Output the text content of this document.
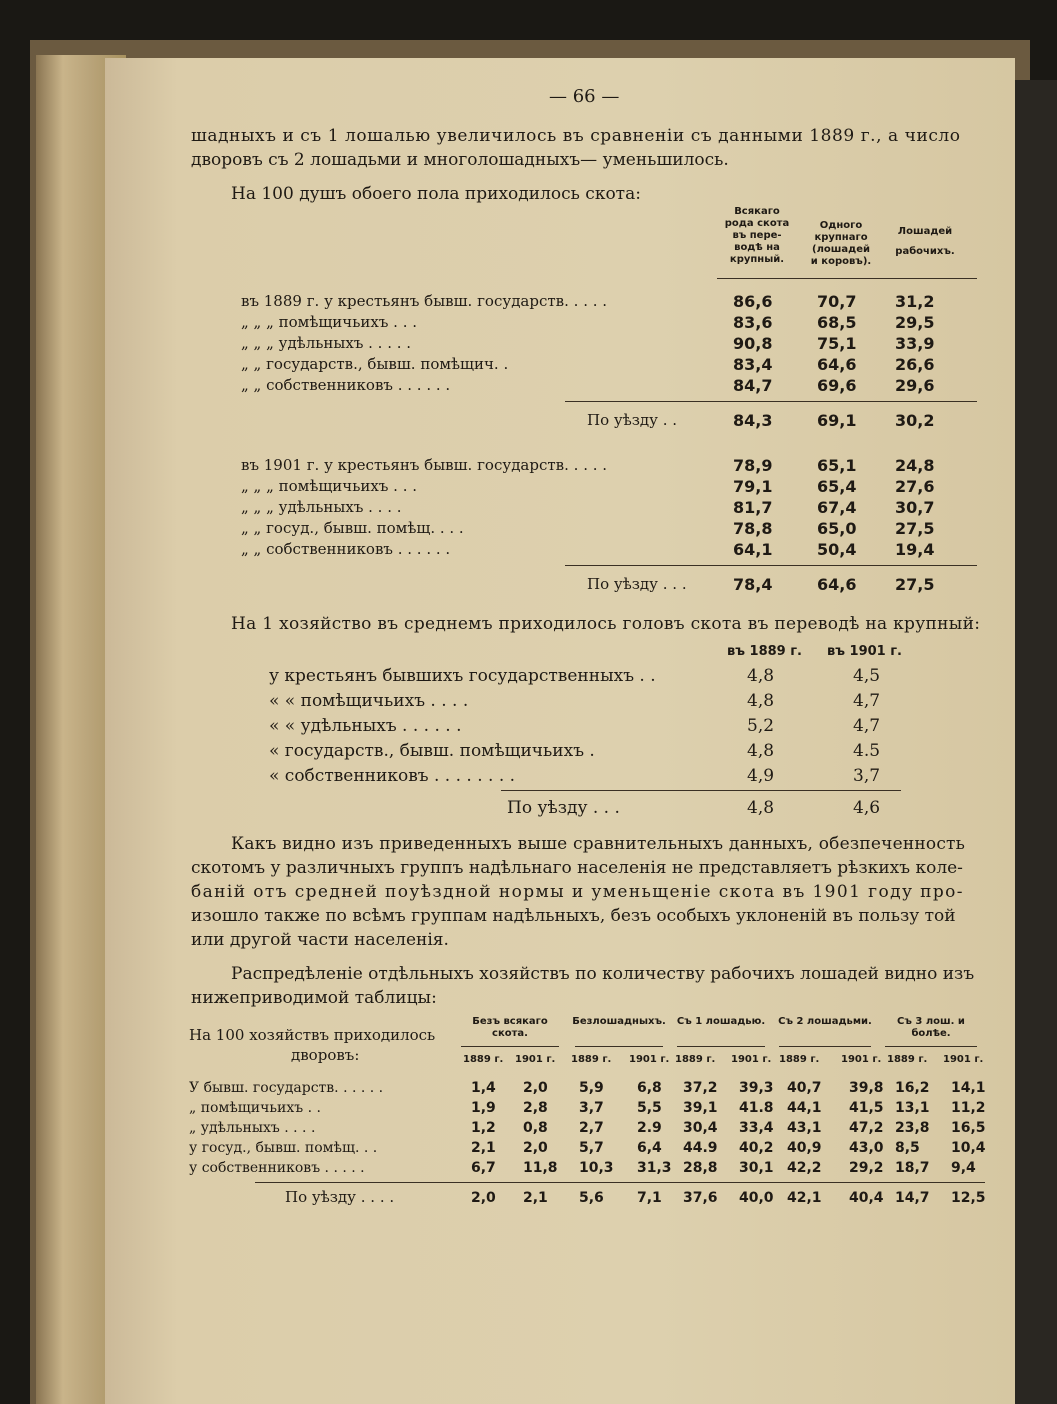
— 66 —
шадныхъ и съ 1 лошалью увеличилось въ сравненіи съ данными 1889 г., а число
дворовъ съ 2 лошадьми и многолошадныхъ— уменьшилось.
На 100 душъ обоего пола приходилось скота:
Всякаго
рода скота
въ пере-
водѣ на
крупный.
Одного
крупнаго
(лошадей
и коровъ).
Лошадей
рабочихъ.
въ 1889 г. у крестьянъ бывш. государств. . . . .	86,6	70,7 31,2
„ „ „ помѣщичьихъ . . .	83,6	68,5 29,5
„ „ „ удѣльныхъ . . . . .	90,8	75,1 33,9
„ „ государств., бывш. помѣщич. .	83,4	64,6 26,6
„ „ собственниковъ . . . . . .	84,7	69,6 29,6
По уѣзду . .	84,3	69,1 30,2
въ 1901 г. у крестьянъ бывш. государств. . . . .	78,9	65,1 24,8
„ „ „ помѣщичьихъ . . .	79,1	65,4 27,6
„ „ „ удѣльныхъ . . . .	81,7	67,4 30,7
„ „ госуд., бывш. помѣщ. . . .	78,8	65,0 27,5
„ „ собственниковъ . . . . . .	64,1	50,4 19,4
По уѣзду . . .	78,4	64,6 27,5
На 1 хозяйство въ среднемъ приходилось головъ скота въ переводѣ на крупный:
въ 1889 г. въ 1901 г.
у крестьянъ бывшихъ государственныхъ . .	4,8	4,5
« « помѣщичьихъ . . . .	4,8	4,7
« « удѣльныхъ . . . . . .	5,2	4,7
« государств., бывш. помѣщичьихъ .	4,8	4.5
« собственниковъ . . . . . . . .	4,9	3,7
По уѣзду . . .	4,8	4,6
Какъ видно изъ приведенныхъ выше сравнительныхъ данныхъ, обезпеченность
скотомъ у различныхъ группъ надѣльнаго населенія не представляетъ рѣзкихъ коле-
баній отъ средней поуѣздной нормы и уменьщеніе скота въ 1901 году про-
изошло также по всѣмъ группам надѣльныхъ, безъ особыхъ уклоненій въ пользу той
или другой части населенія.
Распредѣленіе отдѣльныхъ хозяйствъ по количеству рабочихъ лошадей видно изъ
нижеприводимой таблицы:
На 100 хозяйствъ приходилось
дворовъ:
Безъ всякаго скота.
Безлошадныхъ.	Съ 1 лошадью.	Съ 2 лошадьми.	Съ 3 лош. и болѣе.
1889 г. 1901 г. 1889 г. 1901 г. 1889 г. 1901 г. 1889 г. 1901 г. 1889 г. 1901 г.
У бывш. государств. . . . . .	1,4 2,0 5,9 6,8 37,2 39,3 40,7 39,8 16,2 14,1
„ помѣщичьихъ . .	1,9 2,8 3,7 5,5 39,1 41.8 44,1 41,5 13,1 11,2
„ удѣльныхъ . . . .	1,2 0,8 2,7 2.9 30,4 33,4 43,1 47,2 23,8 16,5
у госуд., бывш. помѣщ. . .	2,1 2,0 5,7 6,4 44.9 40,2 40,9 43,0 8,5 10,4
у собственниковъ . . . . .	6,7 11,8 10,3 31,3 28,8 30,1 42,2 29,2 18,7 9,4
По уѣзду . . . .	2,0 2,1 5,6 7,1 37,6 40,0 42,1 40,4 14,7 12,5
